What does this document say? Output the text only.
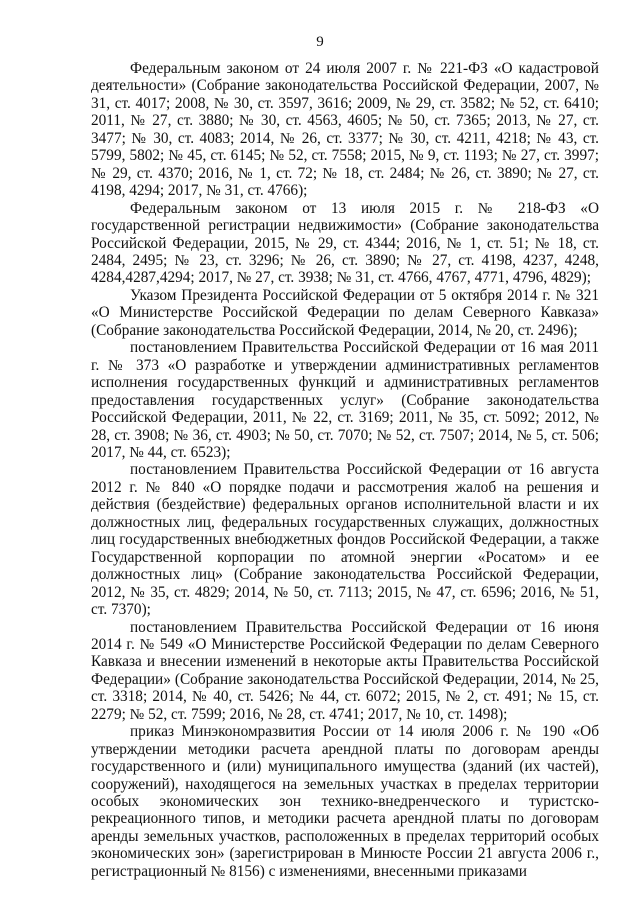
9

Федеральным законом от 24 июля 2007 г. № 221-ФЗ «О кадастровой деятельности» (Собрание законодательства Российской Федерации, 2007, № 31, ст. 4017; 2008, № 30, ст. 3597, 3616; 2009, № 29, ст. 3582; № 52, ст. 6410; 2011, № 27, ст. 3880; № 30, ст. 4563, 4605; № 50, ст. 7365; 2013, № 27, ст. 3477; № 30, ст. 4083; 2014, № 26, ст. 3377; № 30, ст. 4211, 4218; № 43, ст. 5799, 5802; № 45, ст. 6145; № 52, ст. 7558; 2015, № 9, ст. 1193; № 27, ст. 3997; № 29, ст. 4370; 2016, № 1, ст. 72; № 18, ст. 2484; № 26, ст. 3890; № 27, ст. 4198, 4294; 2017, № 31, ст. 4766);

Федеральным законом от 13 июля 2015 г. № 218-ФЗ «О государственной регистрации недвижимости» (Собрание законодательства Российской Федерации, 2015, № 29, ст. 4344; 2016, № 1, ст. 51; № 18, ст. 2484, 2495; № 23, ст. 3296; № 26, ст. 3890; № 27, ст. 4198, 4237, 4248, 4284,4287,4294; 2017, № 27, ст. 3938; № 31, ст. 4766, 4767, 4771, 4796, 4829);

Указом Президента Российской Федерации от 5 октября 2014 г. № 321 «О Министерстве Российской Федерации по делам Северного Кавказа» (Собрание законодательства Российской Федерации, 2014, № 20, ст. 2496);

постановлением Правительства Российской Федерации от 16 мая 2011 г. № 373 «О разработке и утверждении административных регламентов исполнения государственных функций и административных регламентов предоставления государственных услуг» (Собрание законодательства Российской Федерации, 2011, № 22, ст. 3169; 2011, № 35, ст. 5092; 2012, № 28, ст. 3908; № 36, ст. 4903; № 50, ст. 7070; № 52, ст. 7507; 2014, № 5, ст. 506; 2017, № 44, ст. 6523);

постановлением Правительства Российской Федерации от 16 августа 2012 г. № 840 «О порядке подачи и рассмотрения жалоб на решения и действия (бездействие) федеральных органов исполнительной власти и их должностных лиц, федеральных государственных служащих, должностных лиц государственных внебюджетных фондов Российской Федерации, а также Государственной корпорации по атомной энергии «Росатом» и ее должностных лиц» (Собрание законодательства Российской Федерации, 2012, № 35, ст. 4829; 2014, № 50, ст. 7113; 2015, № 47, ст. 6596; 2016, № 51, ст. 7370);

постановлением Правительства Российской Федерации от 16 июня 2014 г. № 549 «О Министерстве Российской Федерации по делам Северного Кавказа и внесении изменений в некоторые акты Правительства Российской Федерации» (Собрание законодательства Российской Федерации, 2014, № 25, ст. 3318; 2014, № 40, ст. 5426; № 44, ст. 6072; 2015, № 2, ст. 491; № 15, ст. 2279; № 52, ст. 7599; 2016, № 28, ст. 4741; 2017, № 10, ст. 1498);

приказ Минэкономразвития России от 14 июля 2006 г. № 190 «Об утверждении методики расчета арендной платы по договорам аренды государственного и (или) муниципального имущества (зданий (их частей), сооружений), находящегося на земельных участках в пределах территории особых экономических зон технико-внедренческого и туристско-рекреационного типов, и методики расчета арендной платы по договорам аренды земельных участков, расположенных в пределах территорий особых экономических зон» (зарегистрирован в Минюсте России 21 августа 2006 г., регистрационный № 8156) с изменениями, внесенными приказами
